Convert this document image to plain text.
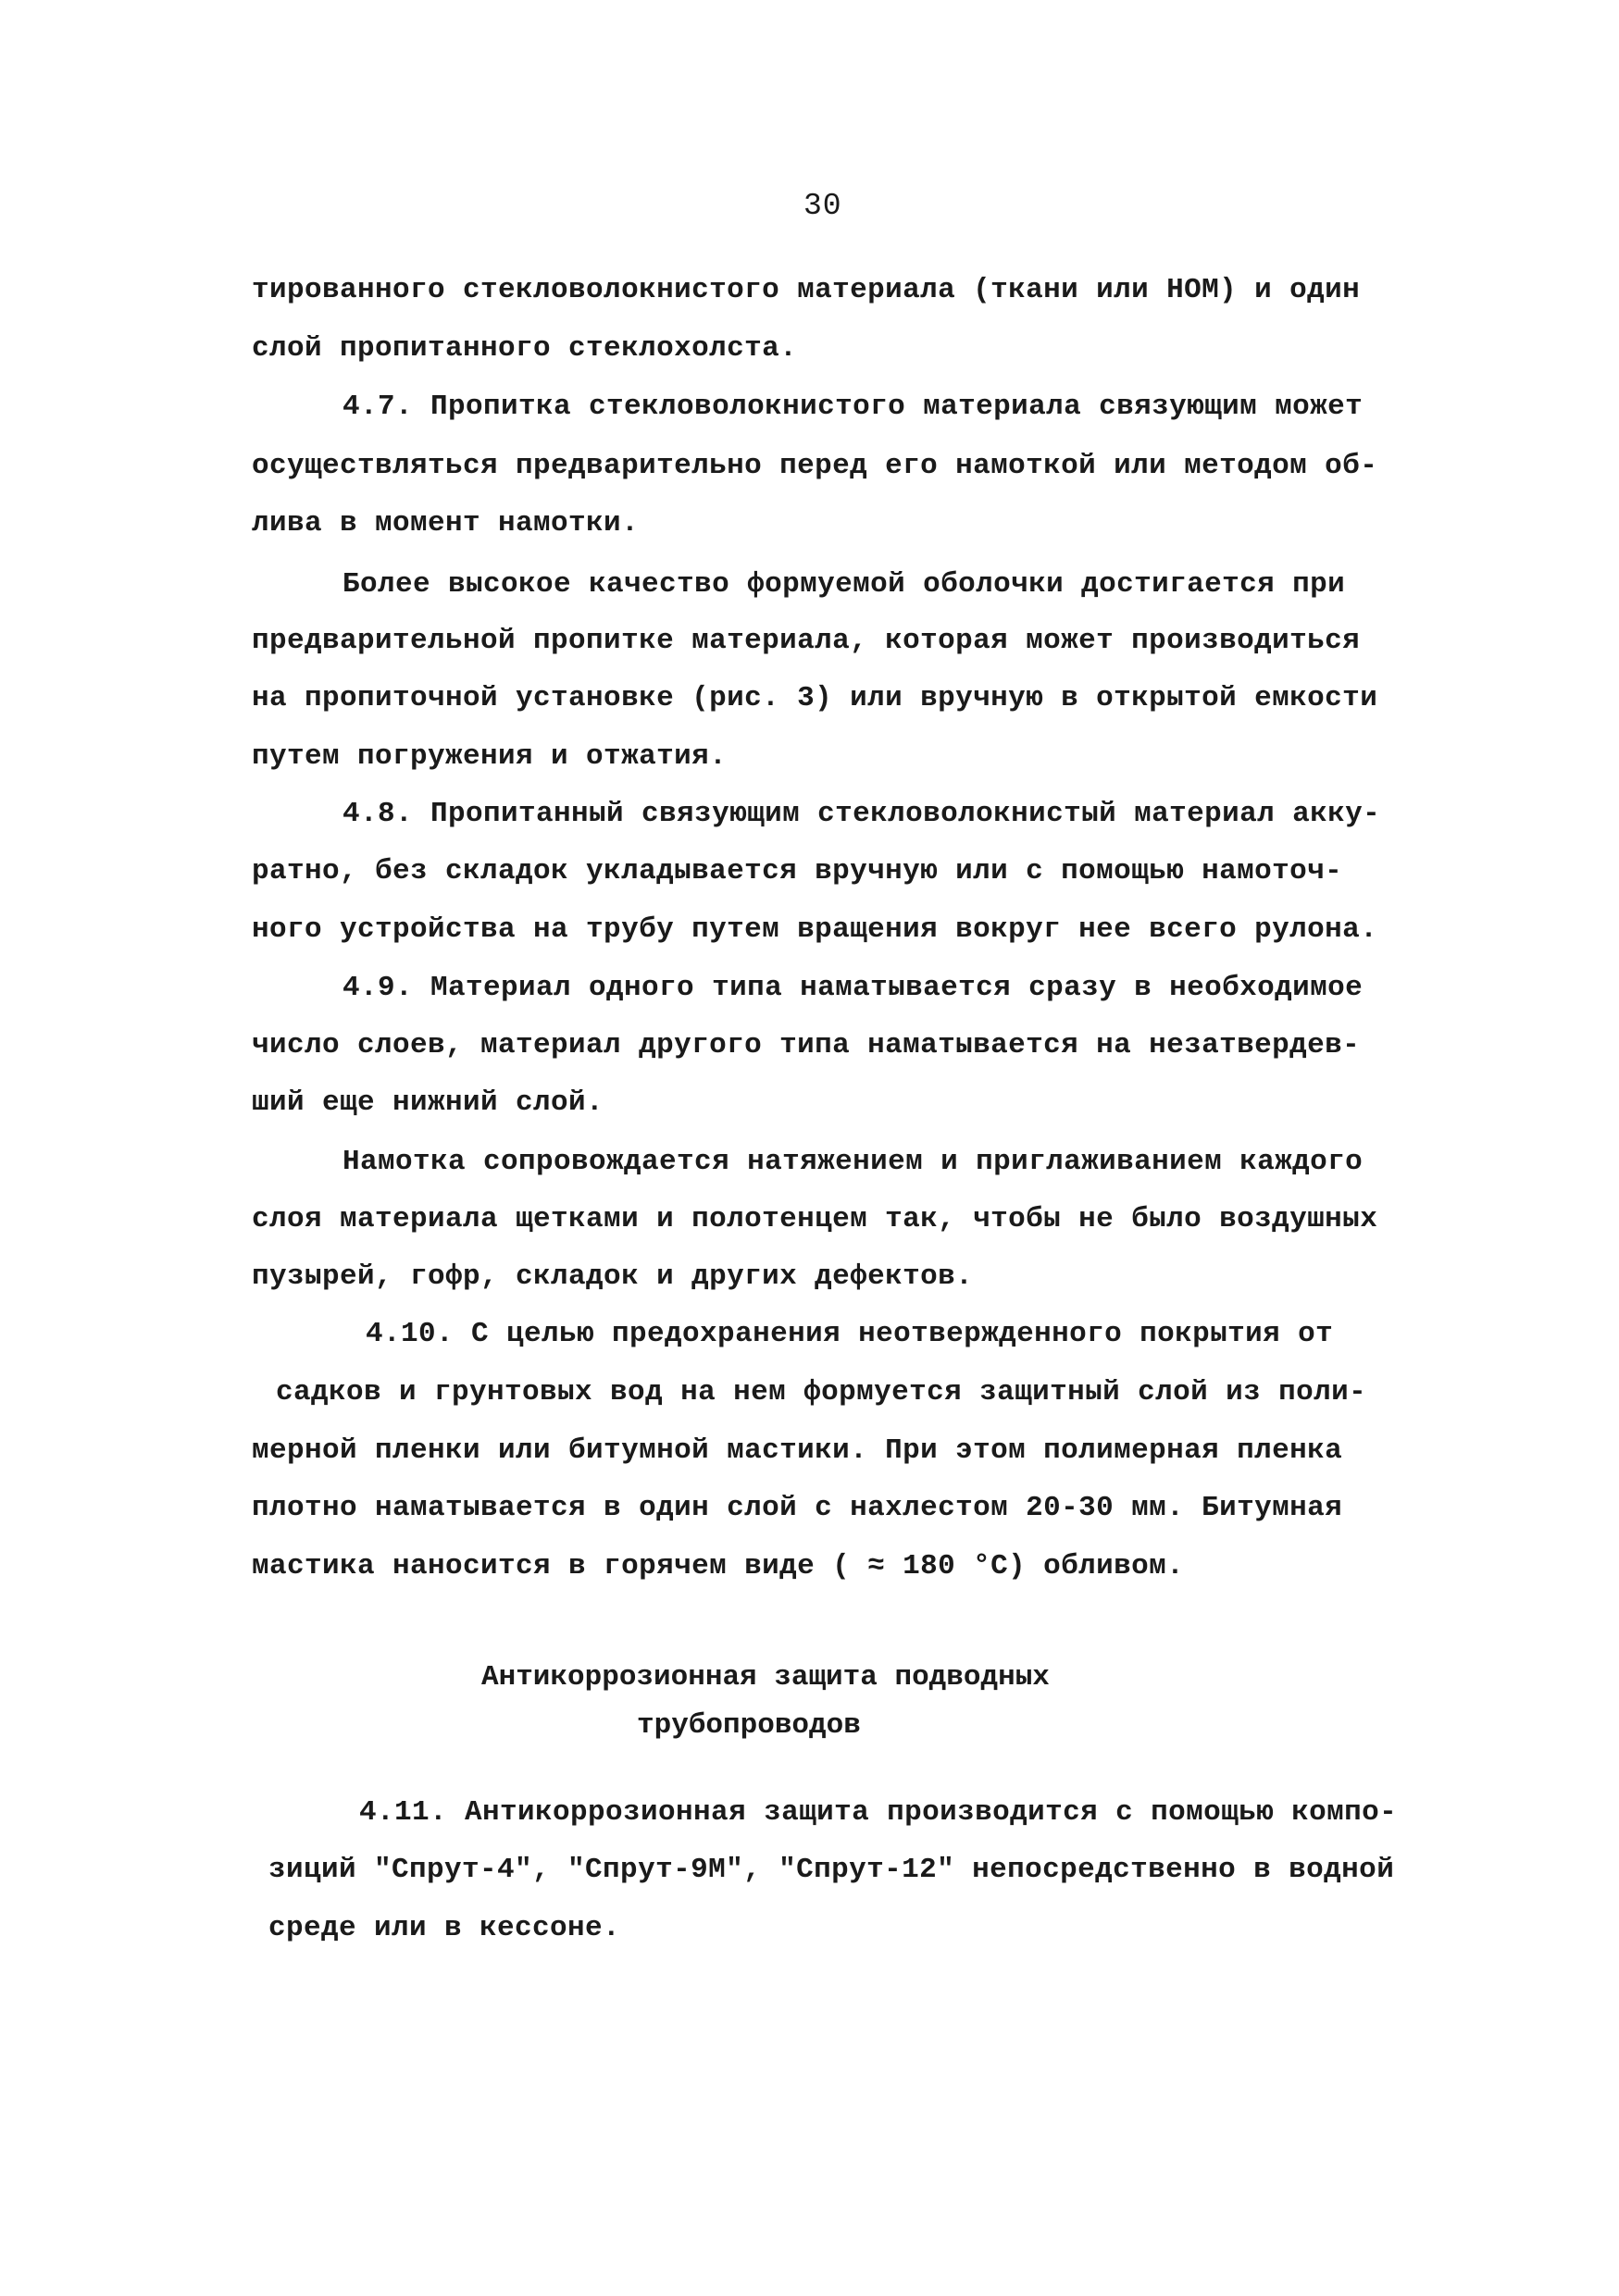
30
тированного стекловолокнистого материала (ткани или НОМ) и один
слой пропитанного стеклохолста.
4.7. Пропитка стекловолокнистого материала связующим может
осуществляться предварительно перед его намоткой или методом об-
лива в момент намотки.
Более высокое качество формуемой оболочки достигается при
предварительной пропитке материала, которая может производиться
на пропиточной установке (рис. 3) или вручную в открытой емкости
путем погружения и отжатия.
4.8. Пропитанный связующим стекловолокнистый материал акку-
ратно, без складок укладывается вручную или с помощью намоточ-
ного устройства на трубу путем вращения вокруг нее всего рулона.
4.9. Материал одного типа наматывается сразу в необходимое
число слоев, материал другого типа наматывается на незатвердев-
ший еще нижний слой.
Намотка сопровождается натяжением и приглаживанием каждого
слоя материала щетками и полотенцем так, чтобы не было воздушных
пузырей, гофр, складок и других дефектов.
4.10. С целью предохранения неотвержденного покрытия от
садков и грунтовых вод на нем формуется защитный слой из поли-
мерной пленки или битумной мастики. При этом полимерная пленка
плотно наматывается в один слой с нахлестом 20-30 мм. Битумная
мастика наносится в горячем виде ( ≈ 180 °С) обливом.
Антикоррозионная защита подводных
трубопроводов
4.11. Антикоррозионная защита производится с помощью компо-
зиций "Спрут-4", "Спрут-9М", "Спрут-12" непосредственно в водной
среде или в кессоне.
